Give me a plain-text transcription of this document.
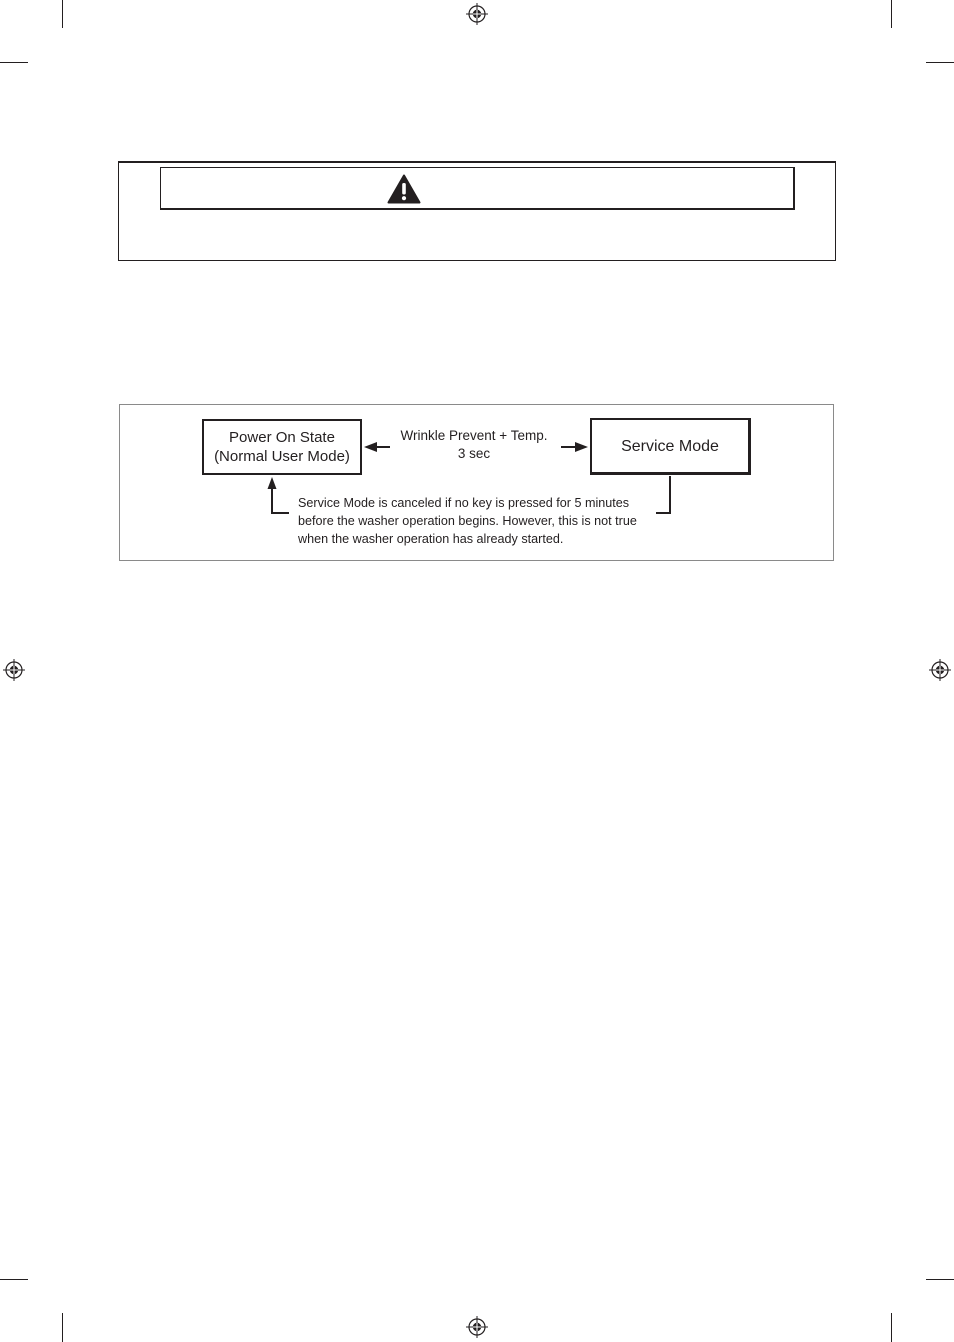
Power On State
(Normal User Mode)
Service Mode
Wrinkle Prevent + Temp.
3 sec
Service Mode is canceled if no key is pressed for 5 minutes
before the washer operation begins. However, this is not true
when the washer operation has already started.
